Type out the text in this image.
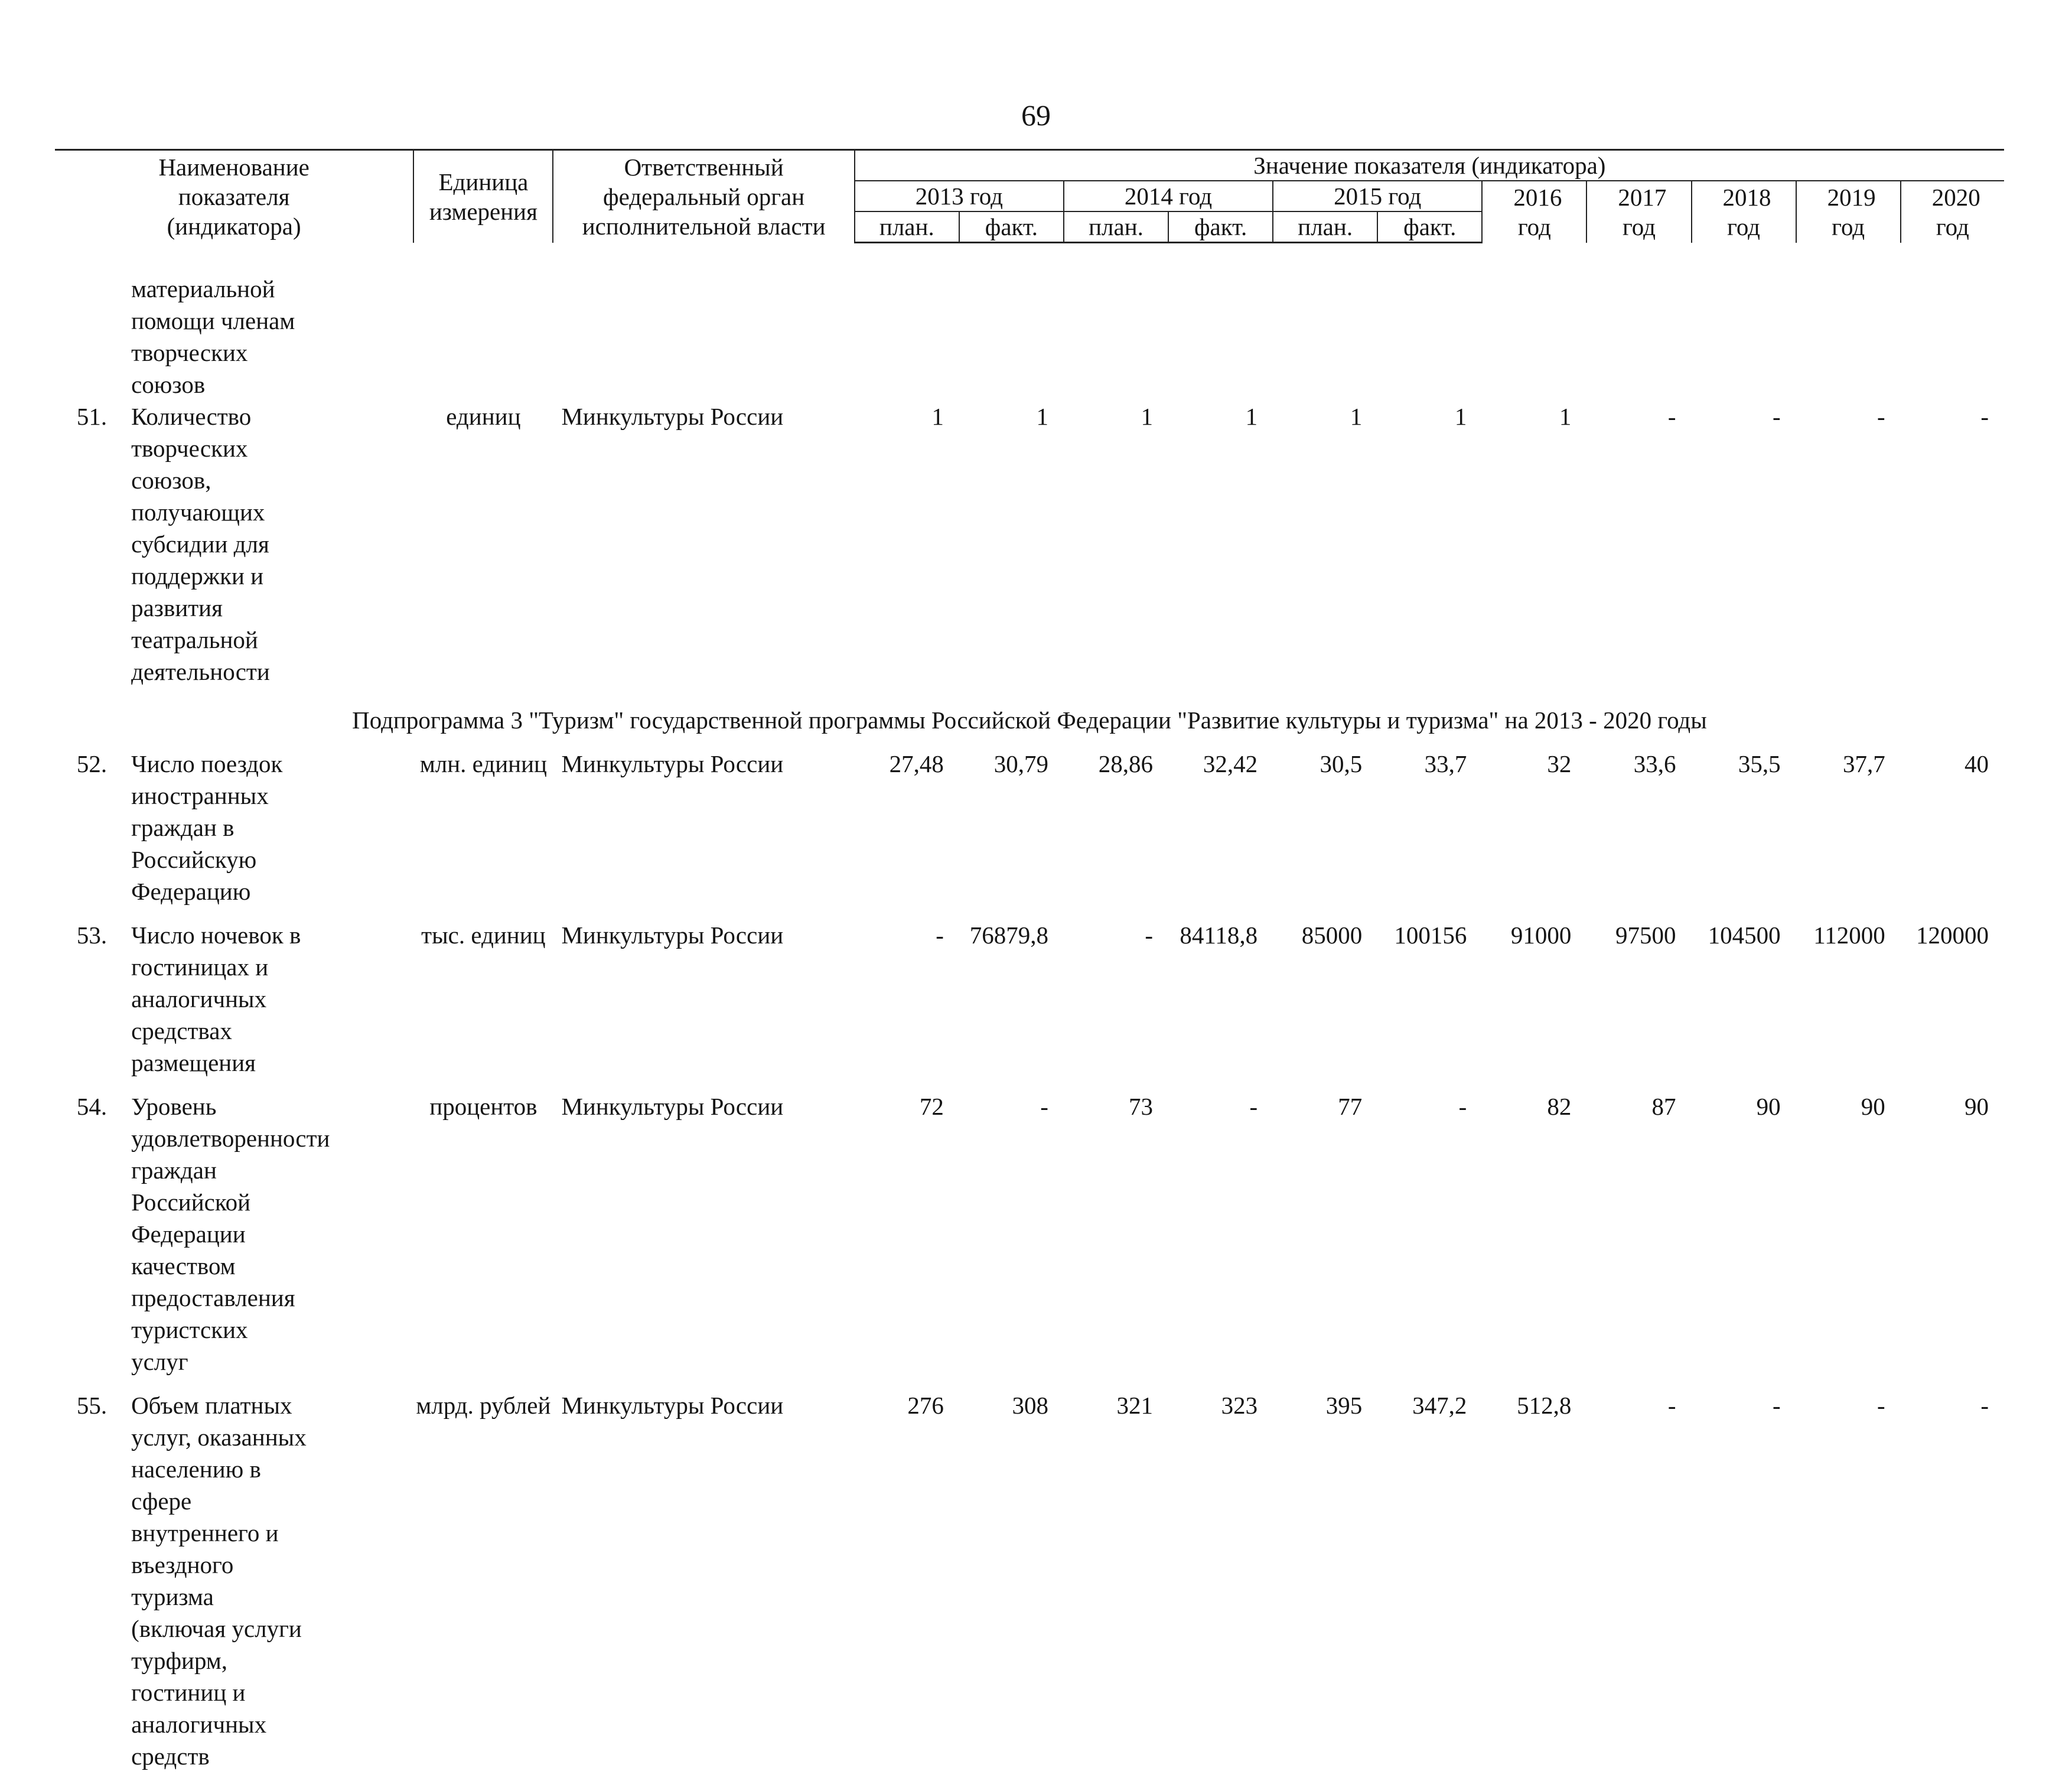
69
Наименование показателя (индикатора)		Единица измерения	Ответственный федеральный орган исполнительной власти	Значение показателя (индикатора)										
				2013 год		2014 год		2015 год		2016 год	2017 год	2018 год	2019 год	2020 год
				план.	факт.	план.	факт.	план.	факт.					

	материальной помощи членам творческих союзов													
51.	Количество творческих союзов, получающих субсидии для поддержки и развития театральной деятельности	единиц	Минкультуры России	1	1	1	1	1	1	1	-	-	-	-
Подпрограмма 3 "Туризм" государственной программы Российской Федерации "Развитие культуры и туризма" на 2013 - 2020 годы														
52.	Число поездок иностранных граждан в Российскую Федерацию	млн. единиц	Минкультуры России	27,48	30,79	28,86	32,42	30,5	33,7	32	33,6	35,5	37,7	40
53.	Число ночевок в гостиницах и аналогичных средствах размещения	тыс. единиц	Минкультуры России	-	76879,8	-	84118,8	85000	100156	91000	97500	104500	112000	120000
54.	Уровень удовлетворенности граждан Российской Федерации качеством предоставления туристских услуг	процентов	Минкультуры России	72	-	73	-	77	-	82	87	90	90	90
55.	Объем платных услуг, оказанных населению в сфере внутреннего и въездного туризма (включая услуги турфирм, гостиниц и аналогичных средств	млрд. рублей	Минкультуры России	276	308	321	323	395	347,2	512,8	-	-	-	-
